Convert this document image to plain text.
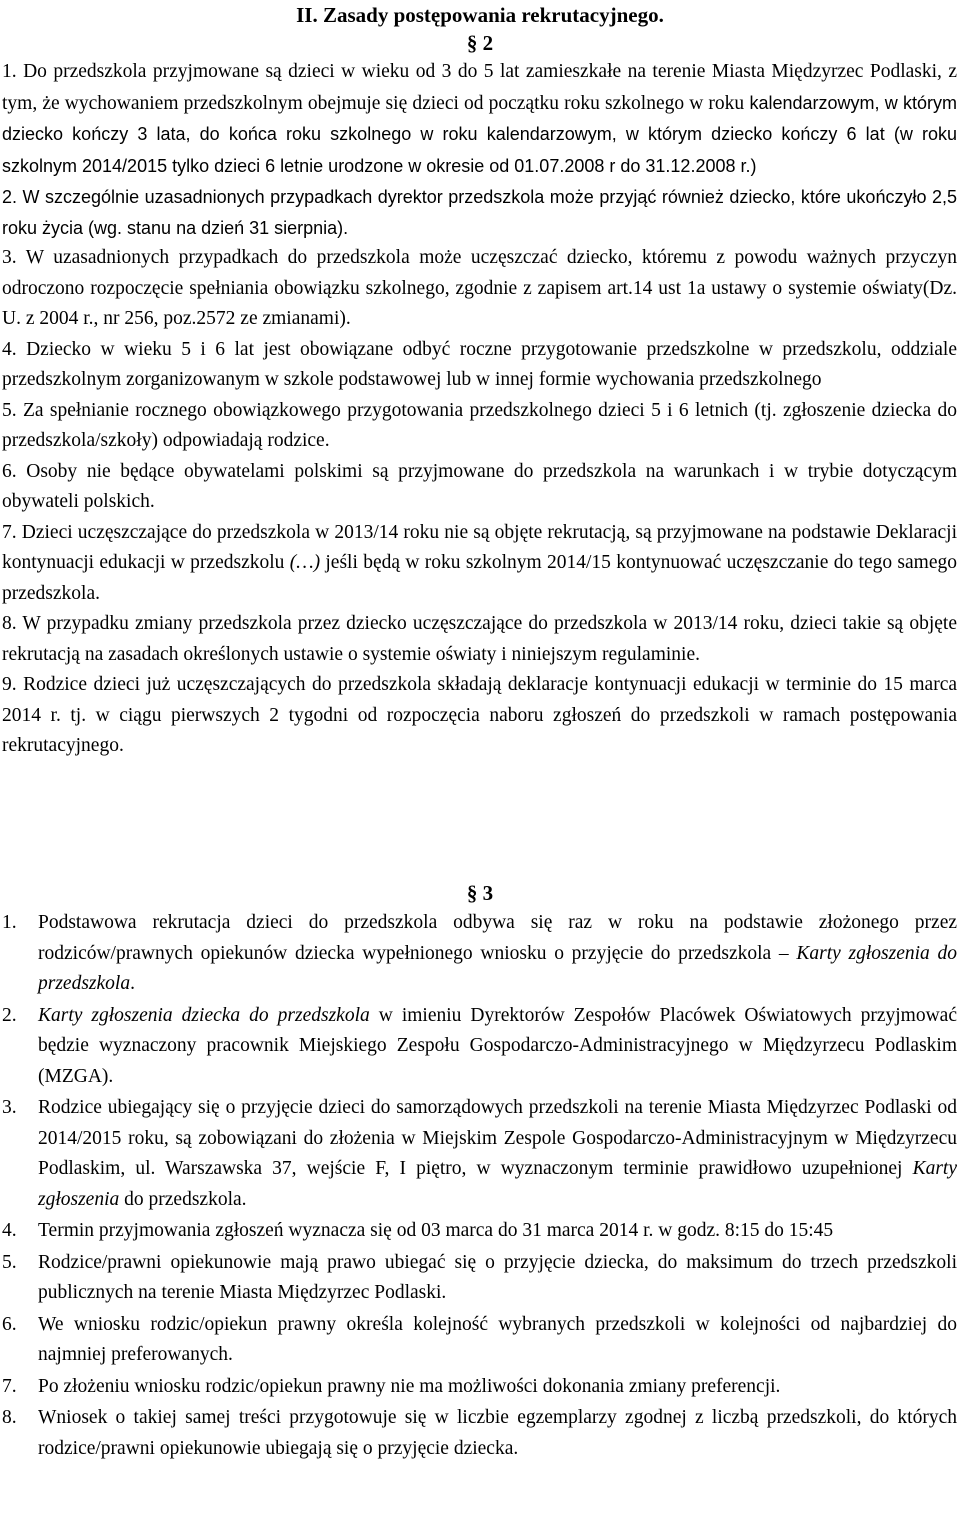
II. Zasady postępowania rekrutacyjnego.
§ 2

1. Do przedszkola przyjmowane są dzieci w wieku od 3 do 5 lat zamieszkałe na terenie Miasta Międzyrzec Podlaski, z tym, że wychowaniem przedszkolnym obejmuje się dzieci od początku roku szkolnego w roku kalendarzowym, w którym dziecko kończy 3 lata, do końca roku szkolnego w roku kalendarzowym, w którym dziecko kończy 6 lat (w roku szkolnym 2014/2015 tylko dzieci 6 letnie urodzone w okresie od 01.07.2008 r do 31.12.2008 r.)

2. W szczególnie uzasadnionych przypadkach dyrektor przedszkola może przyjąć również dziecko, które ukończyło 2,5 roku życia (wg. stanu na dzień 31 sierpnia).

3. W uzasadnionych przypadkach do przedszkola może uczęszczać dziecko, któremu z powodu ważnych przyczyn odroczono rozpoczęcie spełniania obowiązku szkolnego, zgodnie z zapisem art.14 ust 1a ustawy o systemie oświaty(Dz. U. z 2004 r., nr 256, poz.2572 ze zmianami).

4. Dziecko w wieku 5 i 6 lat jest obowiązane odbyć roczne przygotowanie przedszkolne w przedszkolu, oddziale przedszkolnym zorganizowanym w szkole podstawowej lub w innej formie wychowania przedszkolnego

5. Za spełnianie rocznego obowiązkowego przygotowania przedszkolnego dzieci 5 i 6 letnich (tj. zgłoszenie dziecka do przedszkola/szkoły) odpowiadają rodzice.

6. Osoby nie będące obywatelami polskimi są przyjmowane do przedszkola na warunkach i w trybie dotyczącym obywateli polskich.

7. Dzieci uczęszczające do przedszkola w 2013/14 roku nie są objęte rekrutacją, są przyjmowane na podstawie Deklaracji kontynuacji edukacji w przedszkolu (…) jeśli będą w roku szkolnym 2014/15 kontynuować uczęszczanie do tego samego przedszkola.

8. W przypadku zmiany przedszkola przez dziecko uczęszczające do przedszkola w 2013/14 roku, dzieci takie są objęte rekrutacją na zasadach określonych ustawie o systemie oświaty i niniejszym regulaminie.

9. Rodzice dzieci już uczęszczających do przedszkola składają deklaracje kontynuacji edukacji w terminie do 15 marca 2014 r. tj. w ciągu pierwszych 2 tygodni od rozpoczęcia naboru zgłoszeń do przedszkoli w ramach postępowania rekrutacyjnego.

§ 3
1.	Podstawowa rekrutacja dzieci do przedszkola odbywa się raz w roku na podstawie złożonego przez rodziców/prawnych opiekunów dziecka wypełnionego wniosku o przyjęcie do przedszkola – Karty zgłoszenia do przedszkola.
2.	Karty zgłoszenia dziecka do przedszkola w imieniu Dyrektorów Zespołów Placówek Oświatowych przyjmować będzie wyznaczony pracownik Miejskiego Zespołu Gospodarczo-Administracyjnego w Międzyrzecu Podlaskim (MZGA).
3.	Rodzice ubiegający się o przyjęcie dzieci do samorządowych przedszkoli na terenie Miasta Międzyrzec Podlaski od 2014/2015 roku, są zobowiązani do złożenia w Miejskim Zespole Gospodarczo-Administracyjnym w Międzyrzecu Podlaskim, ul. Warszawska 37, wejście F, I piętro, w wyznaczonym terminie prawidłowo uzupełnionej Karty zgłoszenia do przedszkola.
4.	Termin przyjmowania zgłoszeń wyznacza się od 03 marca do 31 marca 2014 r. w godz. 8:15 do 15:45
5.	Rodzice/prawni opiekunowie mają prawo ubiegać się o przyjęcie dziecka, do maksimum do trzech przedszkoli publicznych na terenie Miasta Międzyrzec Podlaski.
6.	We wniosku rodzic/opiekun prawny określa kolejność wybranych przedszkoli w kolejności od najbardziej do najmniej preferowanych.
7.	Po złożeniu wniosku rodzic/opiekun prawny nie ma możliwości dokonania zmiany preferencji.
8.	Wniosek o takiej samej treści przygotowuje się w liczbie egzemplarzy zgodnej z liczbą przedszkoli, do których rodzice/prawni opiekunowie ubiegają się o przyjęcie dziecka.
